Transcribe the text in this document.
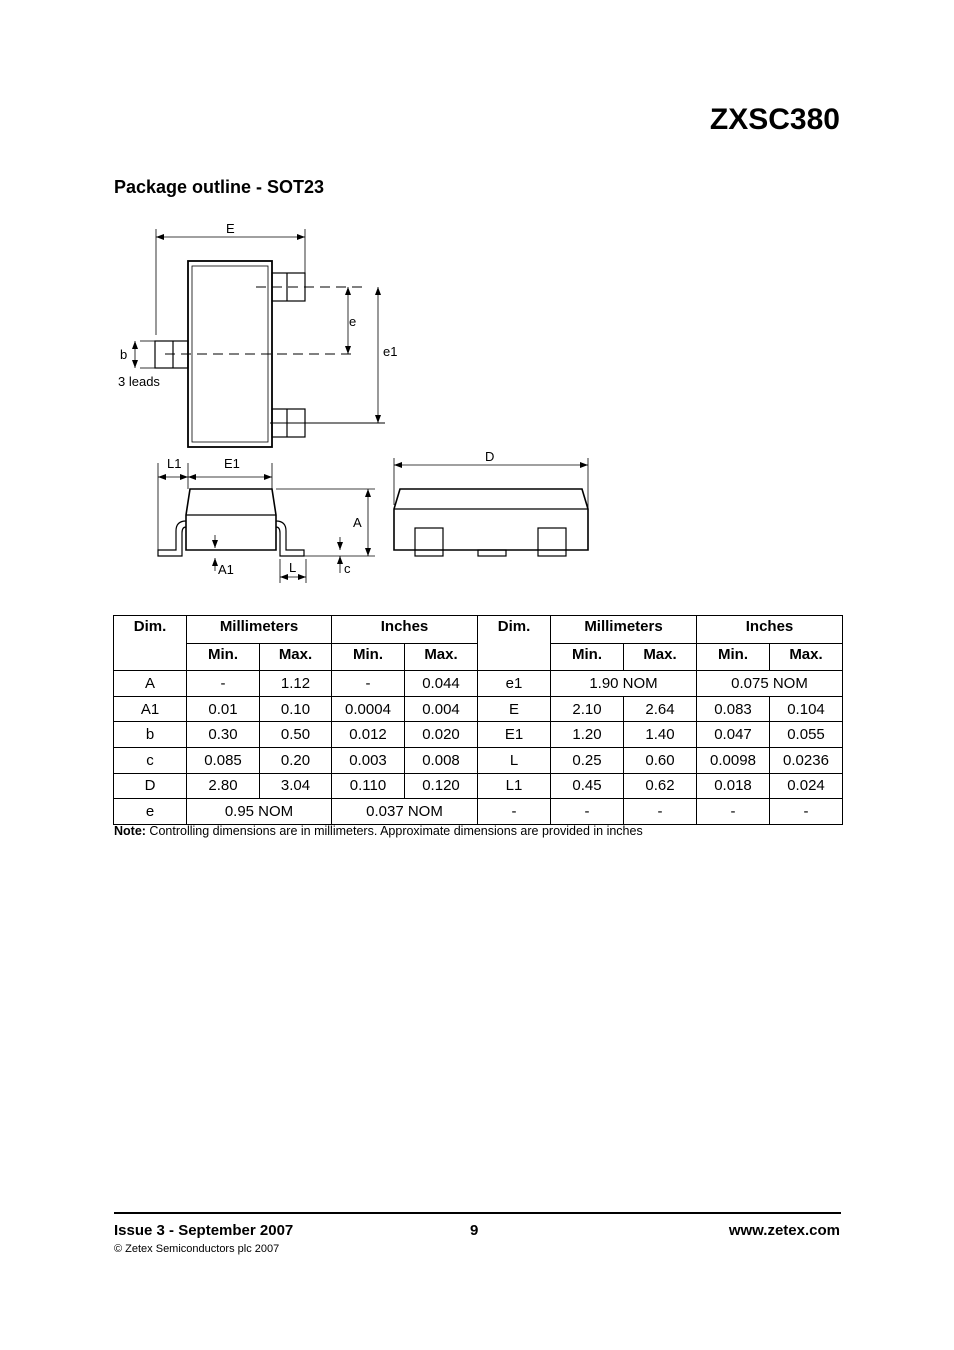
ZXSC380
Package outline - SOT23
E
e
e1
b
3 leads
L1	E1	D
A
A1	L	c
Dim.	Millimeters		Inches		Dim.	Millimeters		Inches	
	Min.	Max.	Min.	Max.		Min.	Max.	Min.	Max.
A	-	1.12	-	0.044	e1	1.90 NOM		0.075 NOM	
A1	0.01	0.10	0.0004	0.004	E	2.10	2.64	0.083	0.104
b	0.30	0.50	0.012	0.020	E1	1.20	1.40	0.047	0.055
c	0.085	0.20	0.003	0.008	L	0.25	0.60	0.0098	0.0236
D	2.80	3.04	0.110	0.120	L1	0.45	0.62	0.018	0.024
e	0.95 NOM		0.037 NOM		-	-	-	-	-

Note: Controlling dimensions are in millimeters. Approximate dimensions are provided in inches

Issue 3 - September 2007	9	www.zetex.com
© Zetex Semiconductors plc 2007
